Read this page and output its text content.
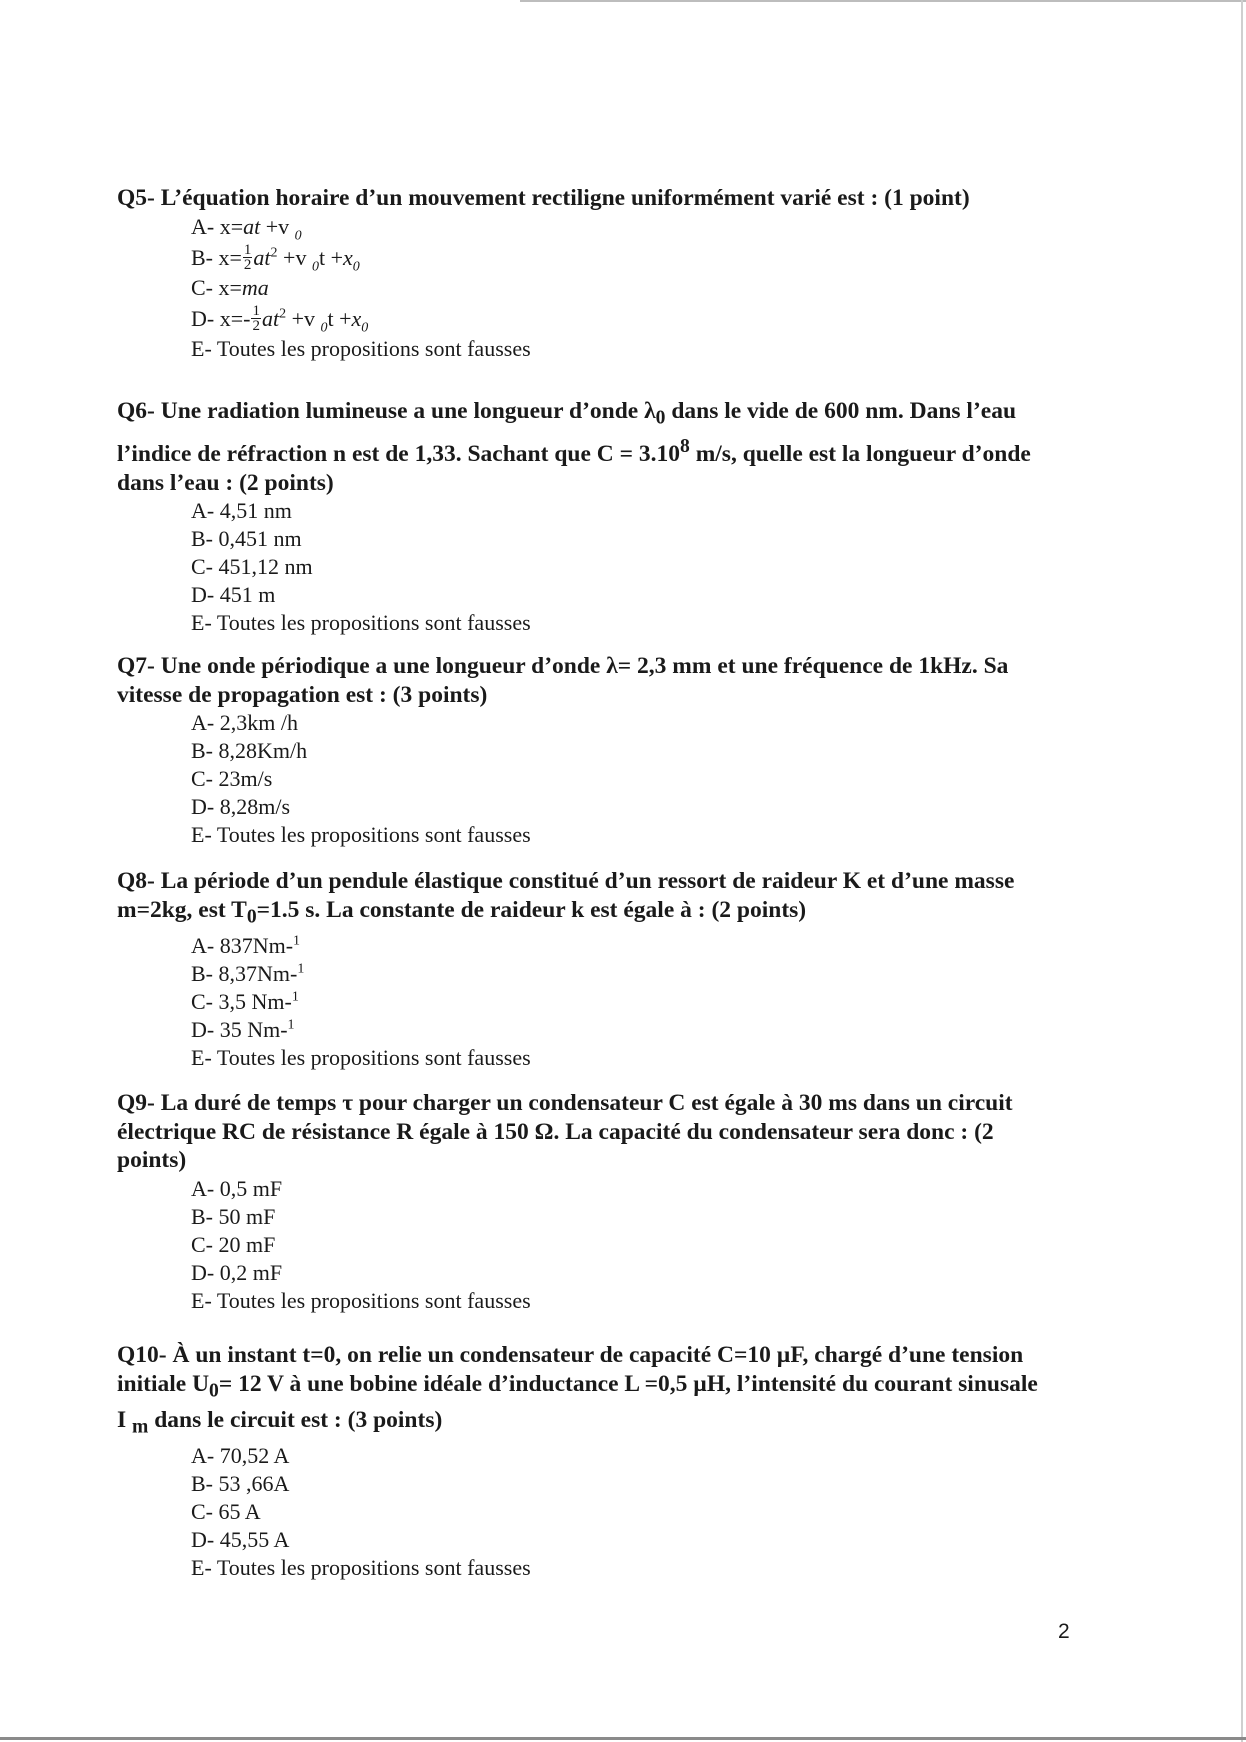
Q5- L’équation horaire d’un mouvement rectiligne uniformément varié est : (1 point)

A- x=at +v $_0$
B- $x= \frac{1}{2} at^2 +v$ $_0t +x_0$
C- x=ma
D- $x=- \frac{1}{2} at^2 +v$ $_0t +x_0$
E- Toutes les propositions sont fausses

Q6- Une radiation lumineuse a une longueur d’onde $\lambda_0$ dans le vide de 600 nm. Dans l’eau l’indice de réfraction n est de 1,33. Sachant que $C = 3.10^8$ m/s, quelle est la longueur d’onde dans l’eau : (2 points)

A- 4,51 nm
B- 0,451 nm
C- 451,12 nm
D- 451 m
E- Toutes les propositions sont fausses

Q7- Une onde périodique a une longueur d’onde λ= 2,3 mm et une fréquence de 1kHz. Sa vitesse de propagation est : (3 points)

A- 2,3km /h
B- 8,28Km/h
C- 23m/s
D- 8,28m/s
E- Toutes les propositions sont fausses

Q8- La période d’un pendule élastique constitué d’un ressort de raideur K et d’une masse m=2kg, est $T_0=1.5$ s. La constante de raideur k est égale à : (2 points)

A- 837Nm-$^1$
B- 8,37Nm-$^1$
C- 3,5 Nm-$^1$
D- 35 Nm-$^1$
E- Toutes les propositions sont fausses

Q9- La duré de temps τ pour charger un condensateur C est égale à 30 ms dans un circuit électrique RC de résistance R égale à 150 Ω. La capacité du condensateur sera donc : (2 points)

A- 0,5 mF
B- 50 mF
C- 20 mF
D- 0,2 mF
E- Toutes les propositions sont fausses

Q10- À un instant t=0, on relie un condensateur de capacité C=10 µF, chargé d’une tension initiale $U_0= 12$ V à une bobine idéale d’inductance L =0,5 µH, l’intensité du courant sinusale I $_m$ dans le circuit est : (3 points)

A- 70,52 A
B- 53 ,66A
C- 65 A
D- 45,55 A
E- Toutes les propositions sont fausses
2
